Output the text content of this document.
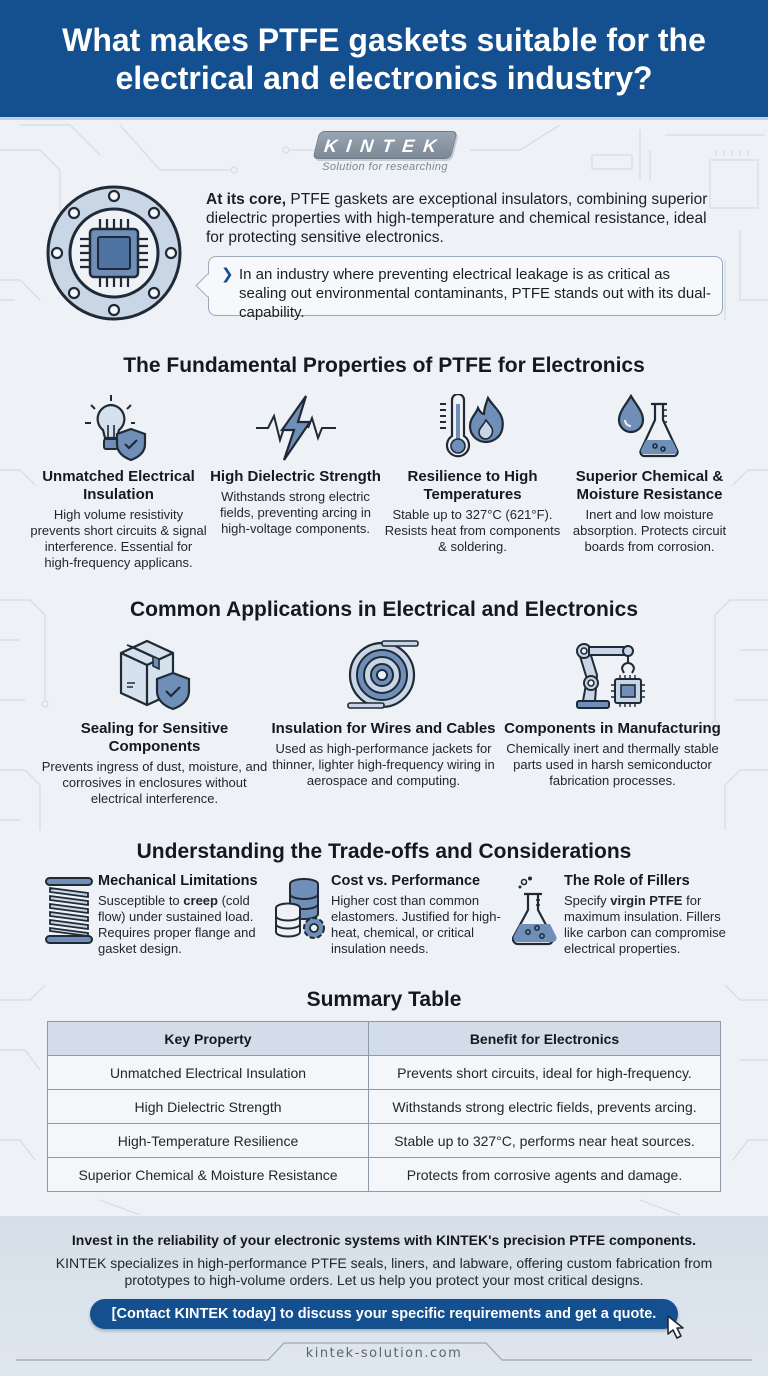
What makes PTFE gaskets suitable for the electrical and electronics industry?
KINTEK
Solution for researching
At its core, PTFE gaskets are exceptional insulators, combining superior dielectric properties with high-temperature and chemical resistance, ideal for protecting sensitive electronics.
❯ In an industry where preventing electrical leakage is as critical as sealing out environmental contaminants, PTFE stands out with its dual-capability.
The Fundamental Properties of PTFE for Electronics
Unmatched Electrical Insulation
High volume resistivity prevents short circuits & signal interference. Essential for high-frequency applicans.
High Dielectric Strength
Withstands strong electric fields, preventing arcing in high-voltage components.
Resilience to High Temperatures
Stable up to 327°C (621°F). Resists heat from components & soldering.
Superior Chemical & Moisture Resistance
Inert and low moisture absorption. Protects circuit boards from corrosion.
Common Applications in Electrical and Electronics
Sealing for Sensitive Components
Prevents ingress of dust, moisture, and corrosives in enclosures without electrical interference.
Insulation for Wires and Cables
Used as high-performance jackets for thinner, lighter high-frequency wiring in aerospace and computing.
Components in Manufacturing
Chemically inert and thermally stable parts used in harsh semiconductor fabrication processes.
Understanding the Trade-offs and Considerations
Mechanical Limitations
Susceptible to creep (cold flow) under sustained load. Requires proper flange and gasket design.
Cost vs. Performance
Higher cost than common elastomers. Justified for high-heat, chemical, or critical insulation needs.
The Role of Fillers
Specify virgin PTFE for maximum insulation. Fillers like carbon can compromise electrical properties.
Summary Table
Key Property	Benefit for Electronics
Unmatched Electrical Insulation	Prevents short circuits, ideal for high-frequency.
High Dielectric Strength	Withstands strong electric fields, prevents arcing.
High-Temperature Resilience	Stable up to 327°C, performs near heat sources.
Superior Chemical & Moisture Resistance	Protects from corrosive agents and damage.
Invest in the reliability of your electronic systems with KINTEK's precision PTFE components.
KINTEK specializes in high-performance PTFE seals, liners, and labware, offering custom fabrication from prototypes to high-volume orders. Let us help you protect your most critical designs.
[Contact KINTEK today] to discuss your specific requirements and get a quote.
kintek-solution.com
